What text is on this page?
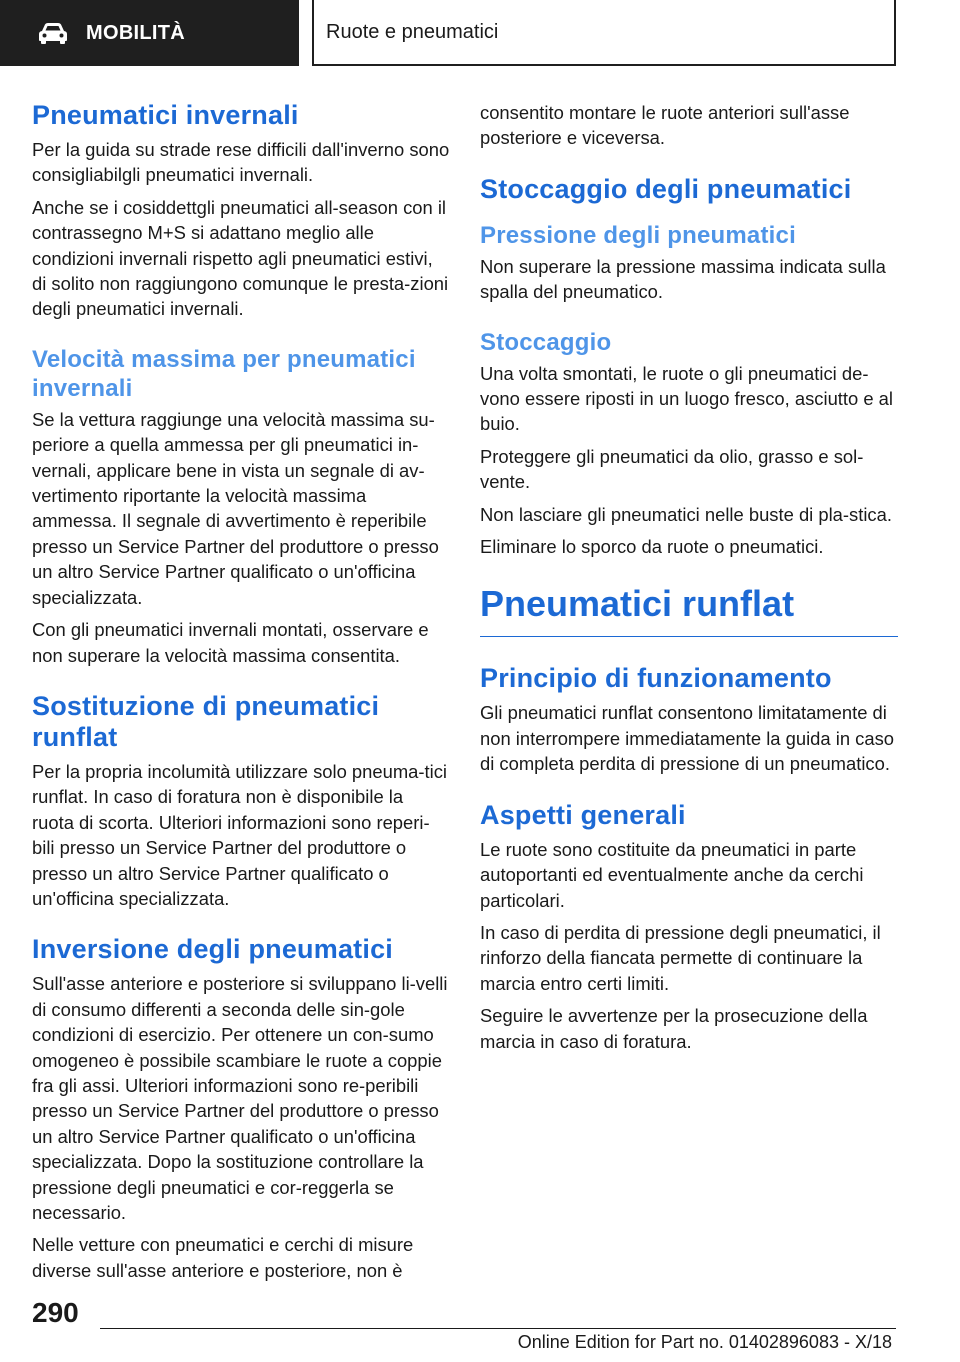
MOBILITÀ	Ruote e pneumatici
Pneumatici invernali

Per la guida su strade rese difficili dall'inverno sono consigliabilgli pneumatici invernali.

Anche se i cosiddettgli pneumatici all-season con il contrassegno M+S si adattano meglio alle condizioni invernali rispetto agli pneumatici estivi, di solito non raggiungono comunque le presta-zioni degli pneumatici invernali.

Velocità massima per pneumatici invernali

Se la vettura raggiunge una velocità massima su-periore a quella ammessa per gli pneumatici in-vernali, applicare bene in vista un segnale di av-vertimento riportante la velocità massima ammessa. Il segnale di avvertimento è reperibile presso un Service Partner del produttore o presso un altro Service Partner qualificato o un'officina specializzata.

Con gli pneumatici invernali montati, osservare e non superare la velocità massima consentita.

Sostituzione di pneumatici runflat

Per la propria incolumità utilizzare solo pneuma-tici runflat. In caso di foratura non è disponibile la ruota di scorta. Ulteriori informazioni sono reperi-bili presso un Service Partner del produttore o presso un altro Service Partner qualificato o un'officina specializzata.

Inversione degli pneumatici

Sull'asse anteriore e posteriore si sviluppano li-velli di consumo differenti a seconda delle sin-gole condizioni di esercizio. Per ottenere un con-sumo omogeneo è possibile scambiare le ruote a coppie fra gli assi. Ulteriori informazioni sono re-peribili presso un Service Partner del produttore o presso un altro Service Partner qualificato o un'officina specializzata. Dopo la sostituzione controllare la pressione degli pneumatici e cor-reggerla se necessario.

Nelle vetture con pneumatici e cerchi di misure diverse sull'asse anteriore e posteriore, non è

consentito montare le ruote anteriori sull'asse posteriore e viceversa.

Stoccaggio degli pneumatici
Pressione degli pneumatici

Non superare la pressione massima indicata sulla spalla del pneumatico.

Stoccaggio

Una volta smontati, le ruote o gli pneumatici de-vono essere riposti in un luogo fresco, asciutto e al buio.

Proteggere gli pneumatici da olio, grasso e sol-vente.

Non lasciare gli pneumatici nelle buste di pla-stica.

Eliminare lo sporco da ruote o pneumatici.

Pneumatici runflat
Principio di funzionamento

Gli pneumatici runflat consentono limitatamente di non interrompere immediatamente la guida in caso di completa perdita di pressione di un pneumatico.

Aspetti generali

Le ruote sono costituite da pneumatici in parte autoportanti ed eventualmente anche da cerchi particolari.

In caso di perdita di pressione degli pneumatici, il rinforzo della fiancata permette di continuare la marcia entro certi limiti.

Seguire le avvertenze per la prosecuzione della marcia in caso di foratura.

290
Online Edition for Part no. 01402896083 - X/18
